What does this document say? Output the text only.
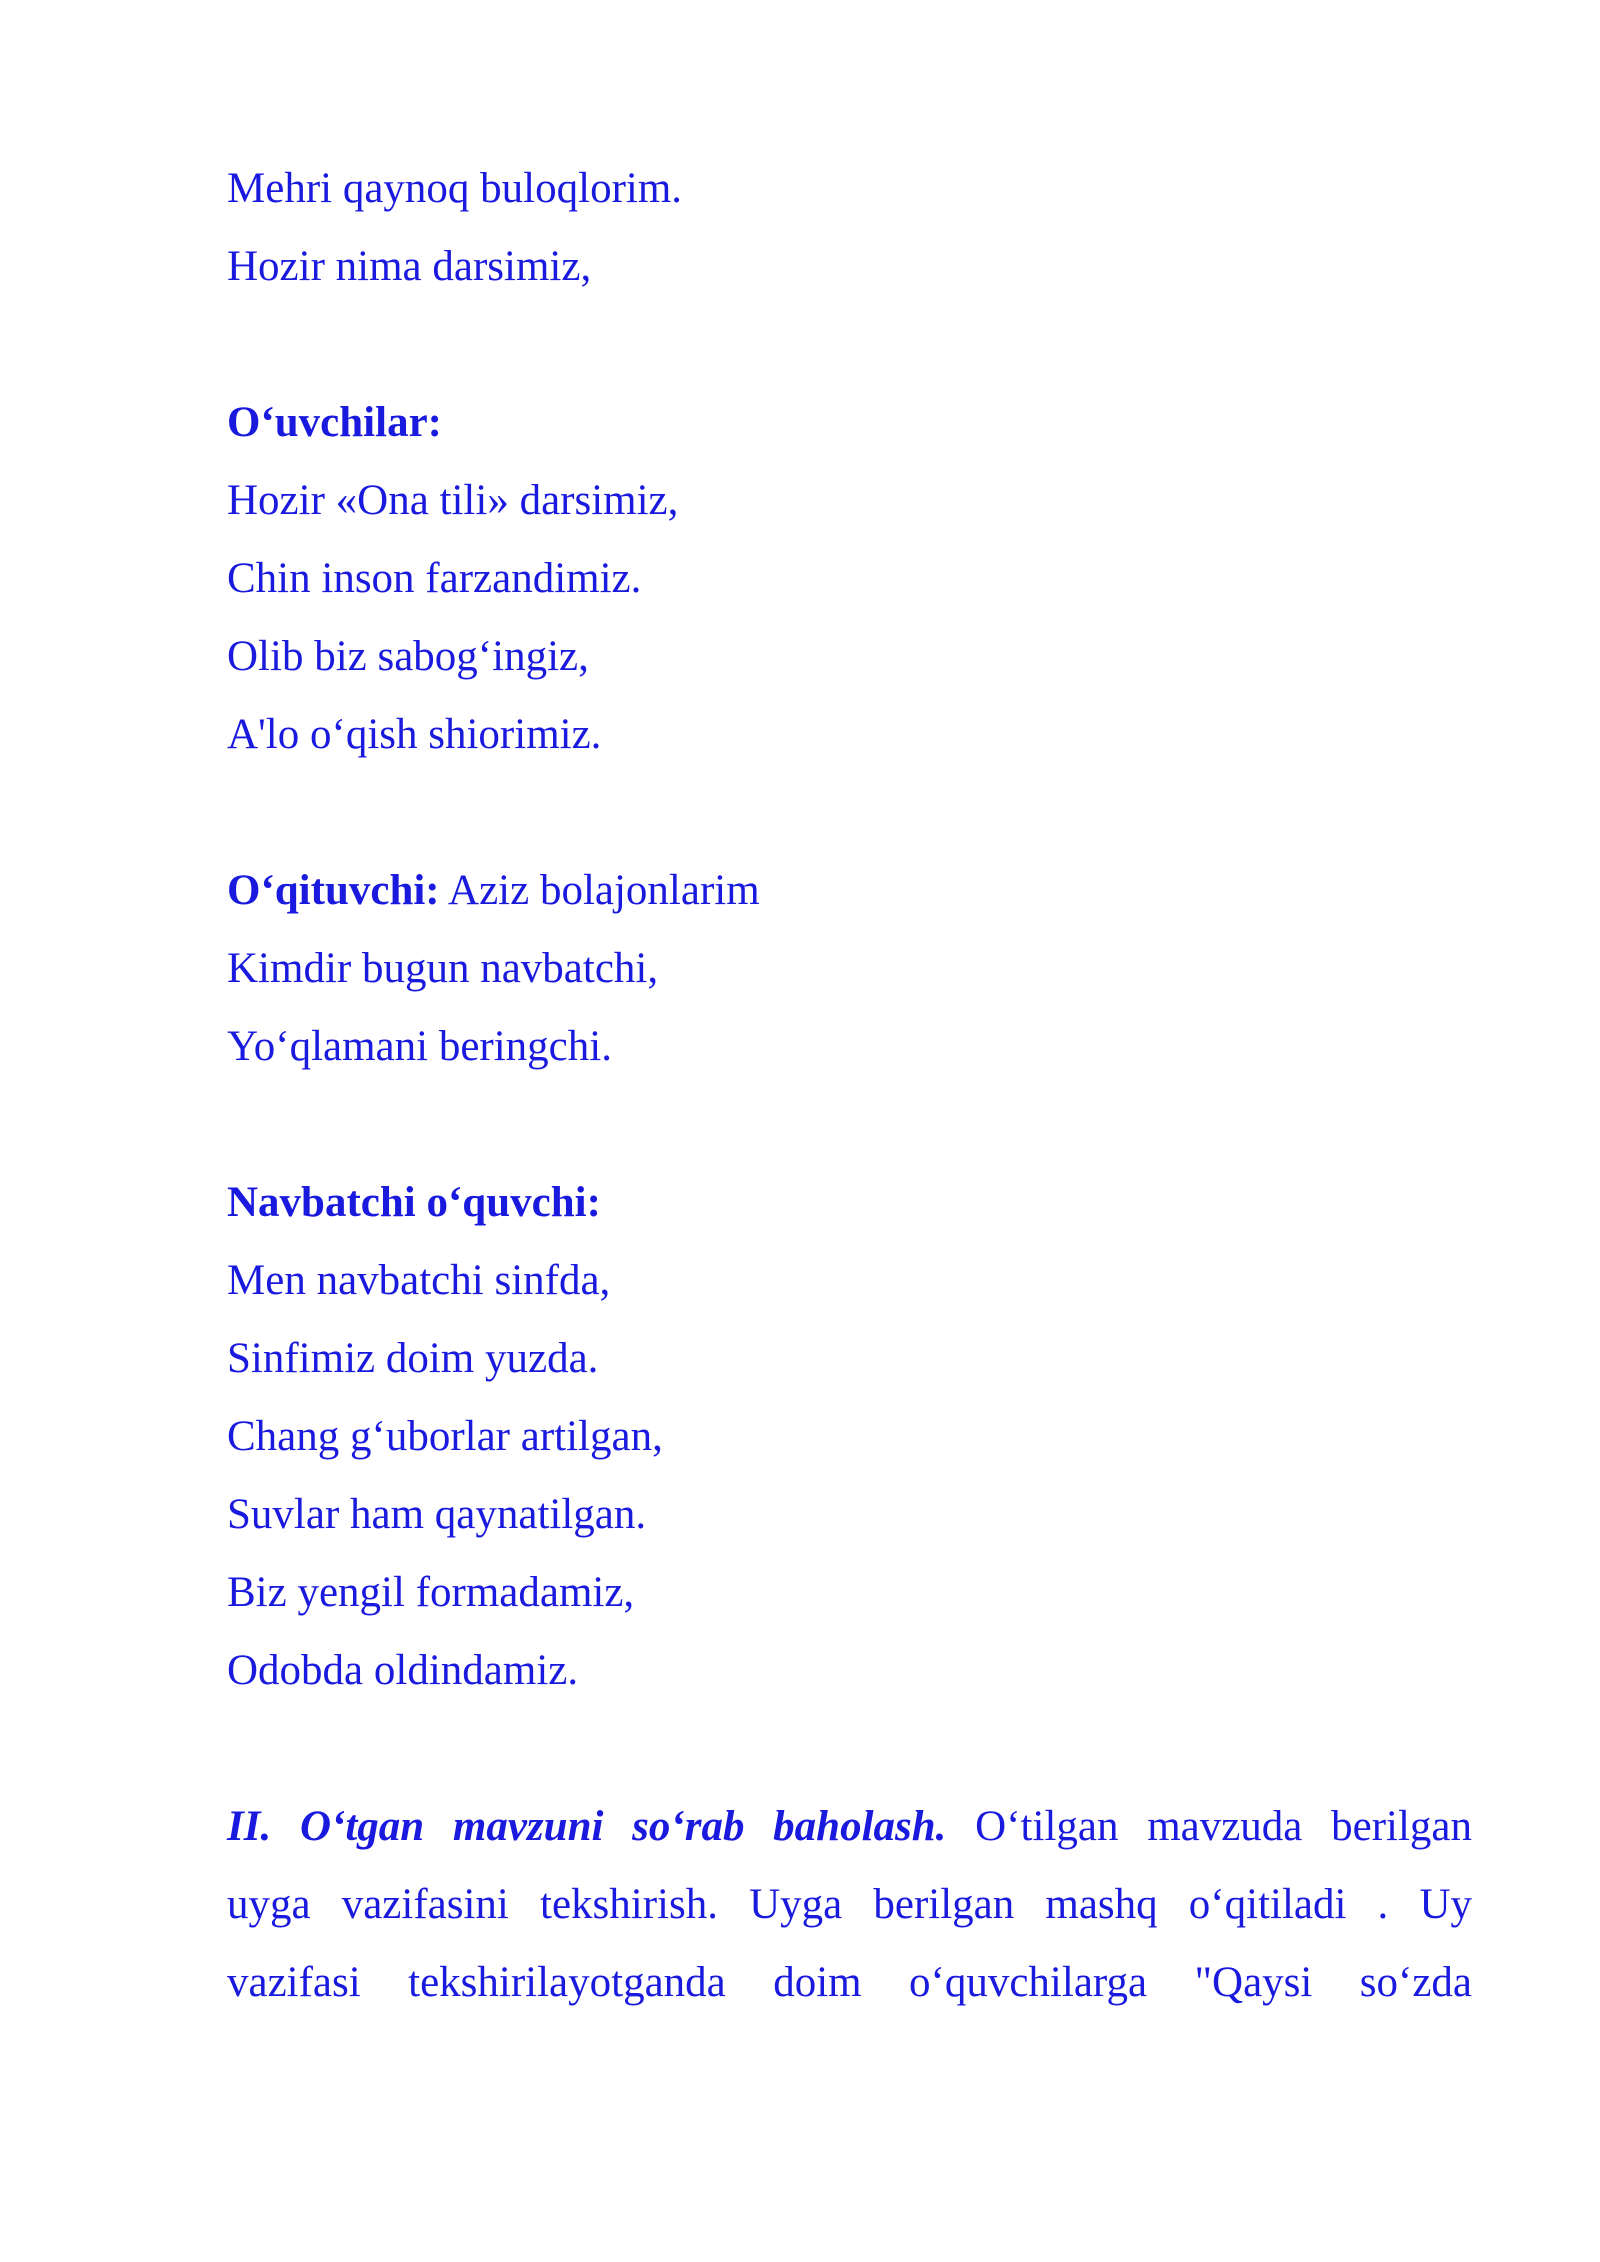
Mehri qaynoq buloqlorim.
Hozir nima darsimiz,
O‘uvchilar:
Hozir «Ona tili» darsimiz,
Chin inson farzandimiz.
Olib biz sabog‘ingiz,
A'lo o‘qish shiorimiz.
O‘qituvchi: Aziz bolajonlarim
Kimdir bugun navbatchi,
Yo‘qlamani beringchi.
Navbatchi o‘quvchi:
Men navbatchi sinfda,
Sinfimiz doim yuzda.
Chang g‘uborlar artilgan,
Suvlar ham qaynatilgan.
Biz yengil formadamiz,
Odobda oldindamiz.
II. O‘tgan mavzuni so‘rab baholash. O‘tilgan mavzuda berilgan
uyga vazifasini tekshirish. Uyga berilgan mashq o‘qitiladi . Uy
vazifasi tekshirilayotganda doim o‘quvchilarga "Qaysi so‘zda
